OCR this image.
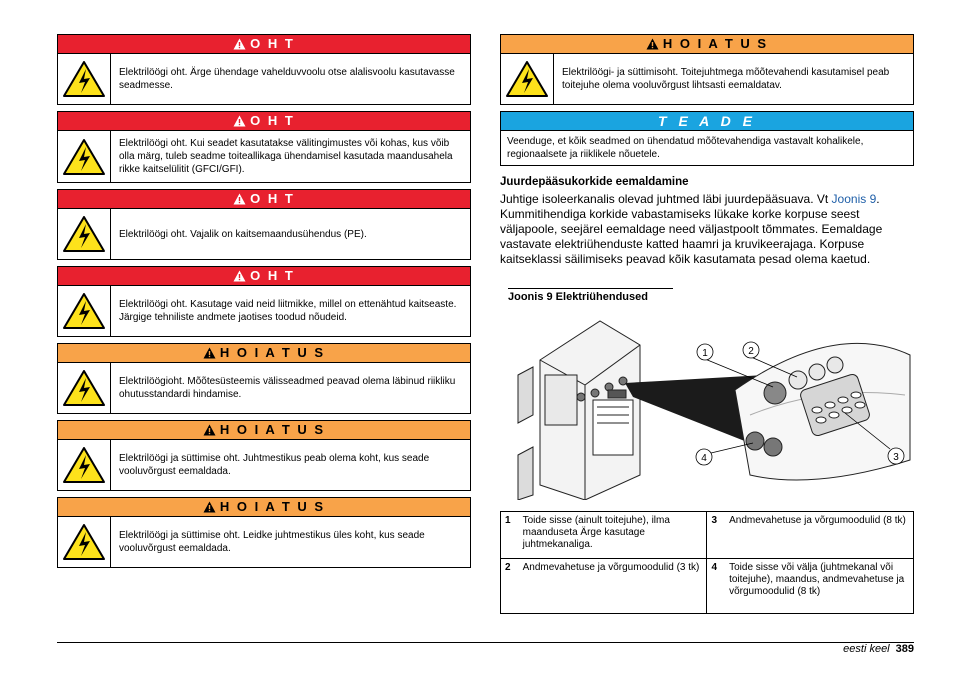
O H T
Elektrilöögi oht. Ärge ühendage vahelduvvoolu otse alalisvoolu kasutavasse seadmesse.
O H T
Elektrilöögi oht. Kui seadet kasutatakse välitingimustes või kohas, kus võib olla märg, tuleb seadme toiteallikaga ühendamisel kasutada maandusahela rikke kaitselülitit (GFCI/GFI).
O H T
Elektrilöögi oht. Vajalik on kaitsemaandusühendus (PE).
O H T
Elektrilöögi oht. Kasutage vaid neid liitmikke, millel on ettenähtud kaitseaste. Järgige tehniliste andmete jaotises toodud nõudeid.
H O I A T U S
Elektrilöögioht. Mõõtesüsteemis välisseadmed peavad olema läbinud riikliku ohutusstandardi hindamise.
H O I A T U S
Elektrilöögi ja süttimise oht. Juhtmestikus peab olema koht, kus seade vooluvõrgust eemaldada.
H O I A T U S
Elektrilöögi ja süttimise oht. Leidke juhtmestikus üles koht, kus seade vooluvõrgust eemaldada.
H O I A T U S
Elektrilöögi- ja süttimisoht. Toitejuhtmega mõõtevahendi kasutamisel peab toitejuhe olema vooluvõrgust lihtsasti eemaldatav.
T E A D E
Veenduge, et kõik seadmed on ühendatud mõõtevahendiga vastavalt kohalikele, regionaalsete ja riiklikele nõuetele.
Juurdepääsukorkide eemaldamine

Juhtige isoleerkanalis olevad juhtmed läbi juurdepääsuava. Vt Joonis 9. Kummitihendiga korkide vabastamiseks lükake korke korpuse seest väljapoole, seejärel eemaldage need väljastpoolt tõmmates. Eemaldage vastavate elektriühenduste katted haamri ja kruvikeerajaga. Korpuse kaitseklassi säilimiseks peavad kõik kasutamata pesad olema kaetud.

Joonis 9 Elektriühendused
1	2
3
4
1	Toide sisse (ainult toitejuhe), ilma maanduseta Ärge kasutage juhtmekanaliga.	3	Andmevahetuse ja võrgumoodulid (8 tk)
2	Andmevahetuse ja võrgumoodulid (3 tk)	4	Toide sisse või välja (juhtmekanal või toitejuhe), maandus, andmevahetuse ja võrgumoodulid (8 tk)
eesti keel 389
